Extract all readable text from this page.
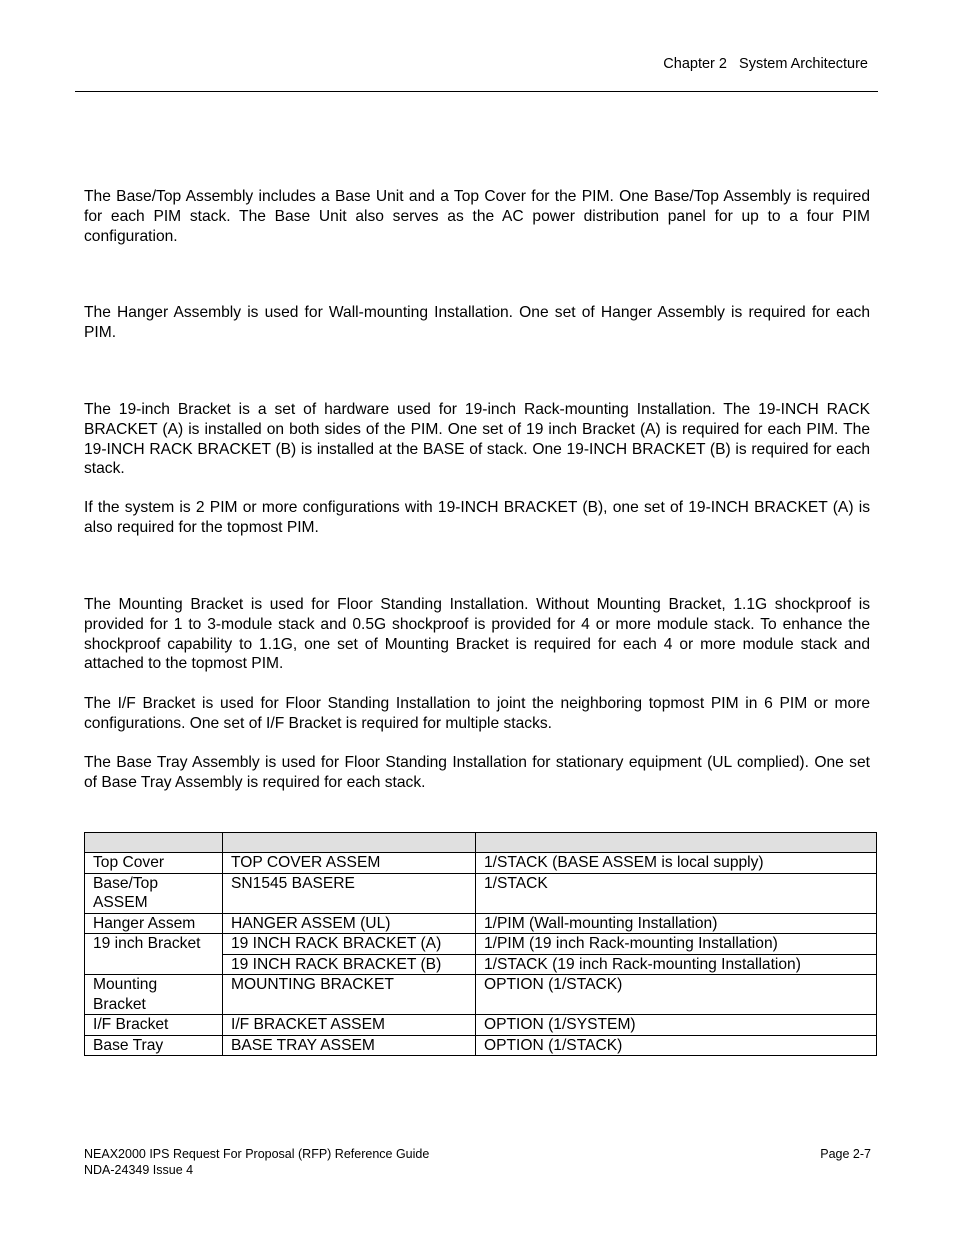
Chapter 2   System Architecture

The Base/Top Assembly includes a Base Unit and a Top Cover for the PIM. One Base/Top Assembly is required for each PIM stack. The Base Unit also serves as the AC power distribution panel for up to a four PIM configuration.

The Hanger Assembly is used for Wall-mounting Installation. One set of Hanger Assembly is required for each PIM.

The 19-inch Bracket is a set of hardware used for 19-inch Rack-mounting Installation. The 19-INCH RACK BRACKET (A) is installed on both sides of the PIM. One set of 19 inch Bracket (A) is required for each PIM. The 19-INCH RACK BRACKET (B) is installed at the BASE of stack. One 19-INCH BRACKET (B) is required for each stack.

If the system is 2 PIM or more configurations with 19-INCH BRACKET (B), one set of 19-INCH BRACKET (A) is also required for the topmost PIM.

The Mounting Bracket is used for Floor Standing Installation. Without Mounting Bracket, 1.1G shockproof is provided for 1 to 3-module stack and 0.5G shockproof is provided for 4 or more module stack. To enhance the shockproof capability to 1.1G, one set of Mounting Bracket is required for each 4 or more module stack and attached to the topmost PIM.

The I/F Bracket is used for Floor Standing Installation to joint the neighboring topmost PIM in 6 PIM or more configurations. One set of I/F Bracket is required for multiple stacks.

The Base Tray Assembly is used for Floor Standing Installation for stationary equipment (UL complied). One set of Base Tray Assembly is required for each stack.

Top Cover	TOP COVER ASSEM	1/STACK (BASE ASSEM is local supply)
Base/Top ASSEM	SN1545 BASERE	1/STACK
Hanger Assem	HANGER ASSEM (UL)	1/PIM (Wall-mounting Installation)
19 inch Bracket	19 INCH RACK BRACKET (A)	1/PIM (19 inch Rack-mounting Installation)
	19 INCH RACK BRACKET (B)	1/STACK (19 inch Rack-mounting Installation)
Mounting Bracket	MOUNTING BRACKET	OPTION (1/STACK)
I/F Bracket	I/F BRACKET ASSEM	OPTION (1/SYSTEM)
Base Tray	BASE TRAY ASSEM	OPTION (1/STACK)
NEAX2000 IPS Request For Proposal (RFP) Reference Guide
NDA-24349 Issue 4
Page 2-7
